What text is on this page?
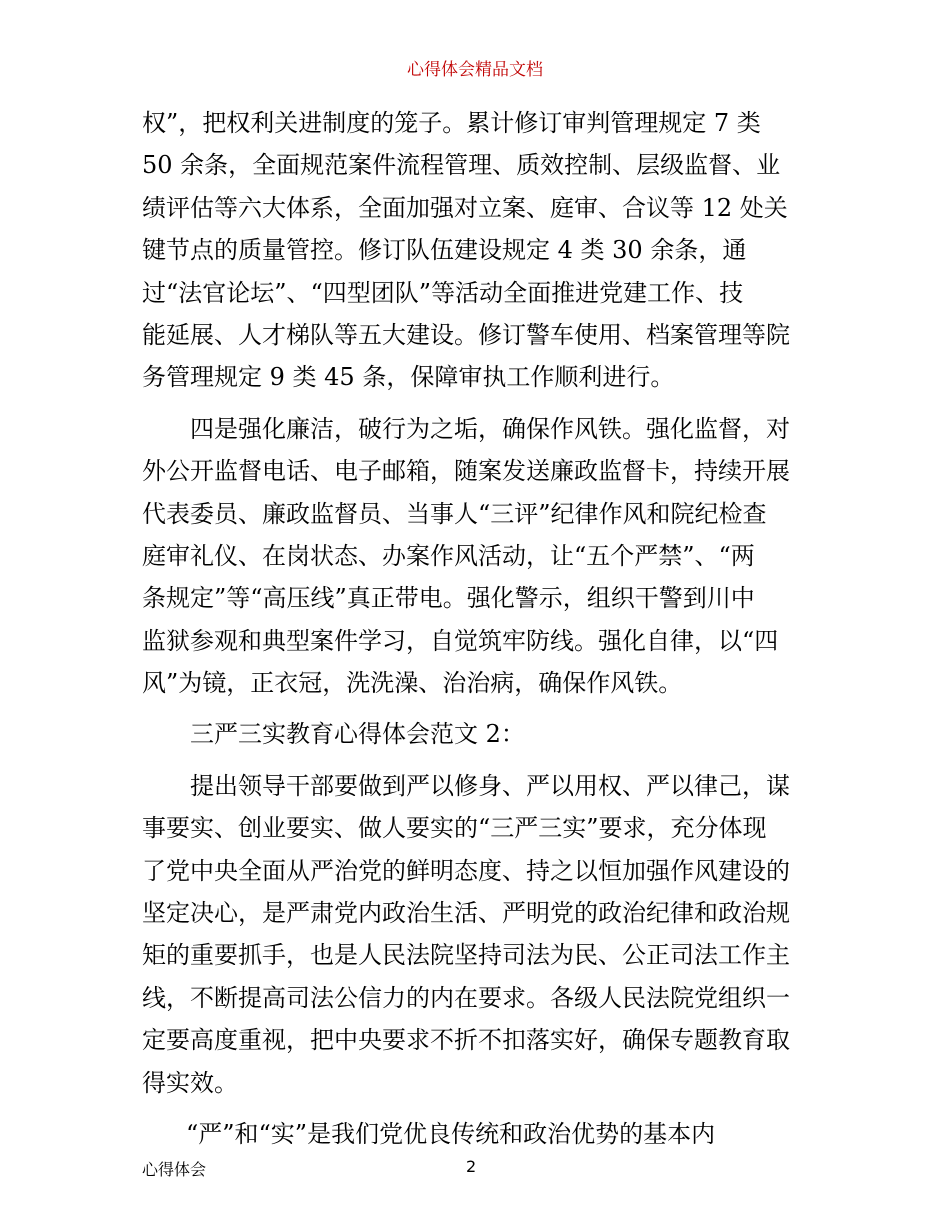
心得体会精品文档
权”，把权利关进制度的笼子。累计修订审判管理规定 7 类
50 余条，全面规范案件流程管理、质效控制、层级监督、业
绩评估等六大体系，全面加强对立案、庭审、合议等 12 处关
键节点的质量管控。修订队伍建设规定 4 类 30 余条，通
过“法官论坛”、“四型团队”等活动全面推进党建工作、技
能延展、人才梯队等五大建设。修订警车使用、档案管理等院
务管理规定 9 类 45 条，保障审执工作顺利进行。
四是强化廉洁，破行为之垢，确保作风铁。强化监督，对
外公开监督电话、电子邮箱，随案发送廉政监督卡，持续开展
代表委员、廉政监督员、当事人“三评”纪律作风和院纪检查
庭审礼仪、在岗状态、办案作风活动，让“五个严禁”、“两
条规定”等“高压线”真正带电。强化警示，组织干警到川中
监狱参观和典型案件学习，自觉筑牢防线。强化自律，以“四
风”为镜，正衣冠，洗洗澡、治治病，确保作风铁。
三严三实教育心得体会范文 2：
提出领导干部要做到严以修身、严以用权、严以律己，谋
事要实、创业要实、做人要实的“三严三实”要求，充分体现
了党中央全面从严治党的鲜明态度、持之以恒加强作风建设的
坚定决心，是严肃党内政治生活、严明党的政治纪律和政治规
矩的重要抓手，也是人民法院坚持司法为民、公正司法工作主
线，不断提高司法公信力的内在要求。各级人民法院党组织一
定要高度重视，把中央要求不折不扣落实好，确保专题教育取
得实效。
“严”和“实”是我们党优良传统和政治优势的基本内
心得体会	2
